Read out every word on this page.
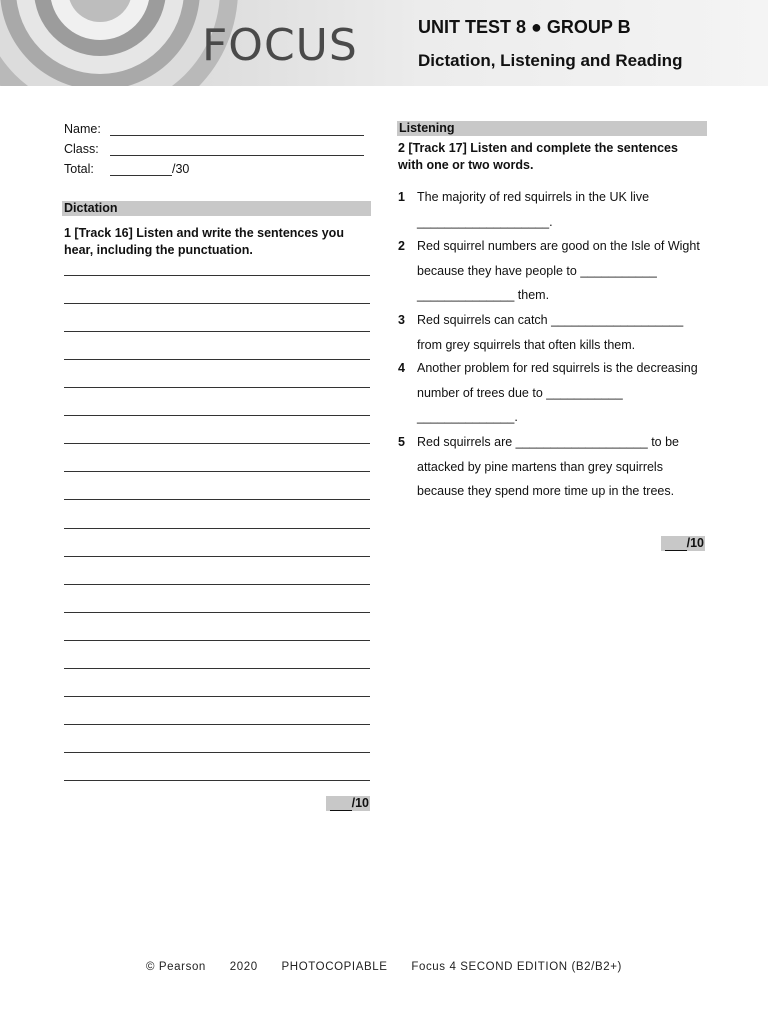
FOCUS	UNIT TEST 8 ● GROUP B
Dictation, Listening and Reading
Name:
Class:
Total:	/30
Dictation
1 [Track 16] Listen and write the sentences you hear, including the punctuation.
/10
Listening
2 [Track 17] Listen and complete the sentences with one or two words.
1 The majority of red squirrels in the UK live ___________________.
2 Red squirrel numbers are good on the Isle of Wight because they have people to ___________ ______________ them.
3 Red squirrels can catch ___________________ from grey squirrels that often kills them.
4 Another problem for red squirrels is the decreasing number of trees due to ___________ ______________.
5 Red squirrels are ___________________ to be attacked by pine martens than grey squirrels because they spend more time up in the trees.
/10
© Pearson 2020 PHOTOCOPIABLE Focus 4 SECOND EDITION (B2/B2+)
